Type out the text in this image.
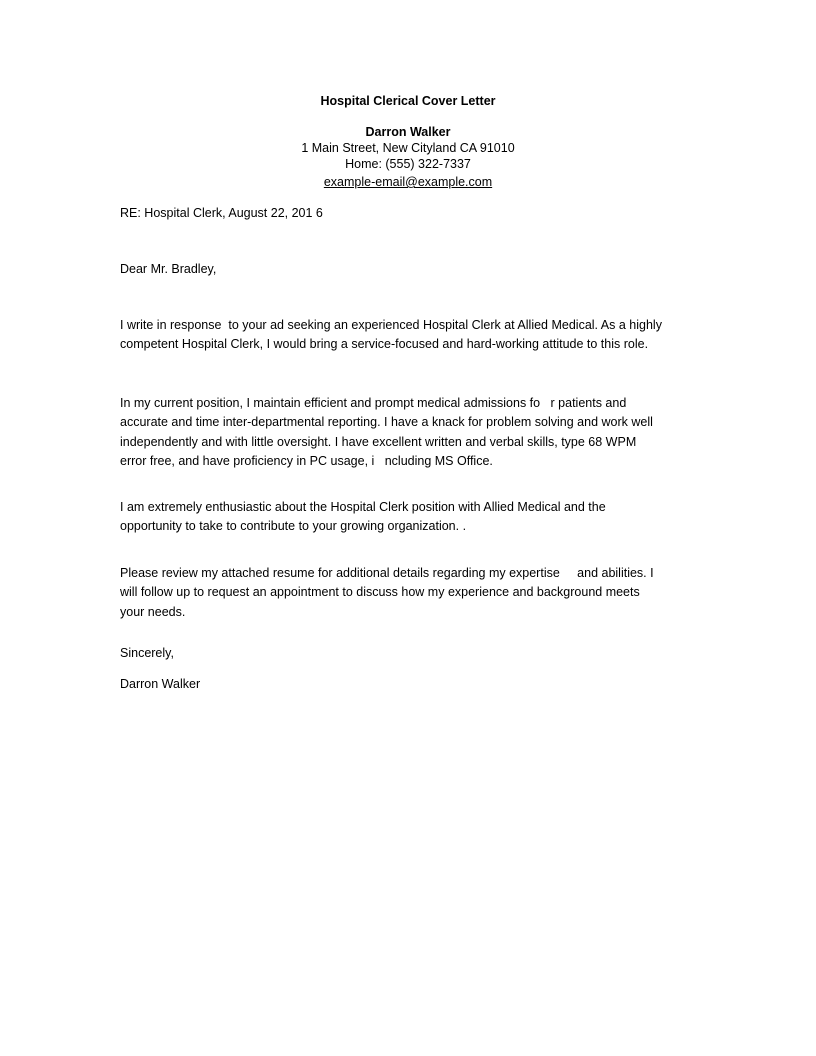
Hospital Clerical Cover Letter

Darron Walker

1 Main Street, New Cityland CA 91010

Home: (555) 322-7337

example-email@example.com

RE: Hospital Clerk, August 22, 201 6

Dear Mr. Bradley,

I write in response  to your ad seeking an experienced Hospital Clerk at Allied Medical. As a highly
competent Hospital Clerk, I would bring a service-focused and hard-working attitude to this role.
In my current position, I maintain efficient and prompt medical admissions fo   r patients and
accurate and time inter-departmental reporting. I have a knack for problem solving and work well
independently and with little oversight. I have excellent written and verbal skills, type 68 WPM
error free, and have proficiency in PC usage, i   ncluding MS Office.
I am extremely enthusiastic about the Hospital Clerk position with Allied Medical and the
opportunity to take to contribute to your growing organization. .
Please review my attached resume for additional details regarding my expertise     and abilities. I
will follow up to request an appointment to discuss how my experience and background meets
your needs.

Sincerely,

Darron Walker
